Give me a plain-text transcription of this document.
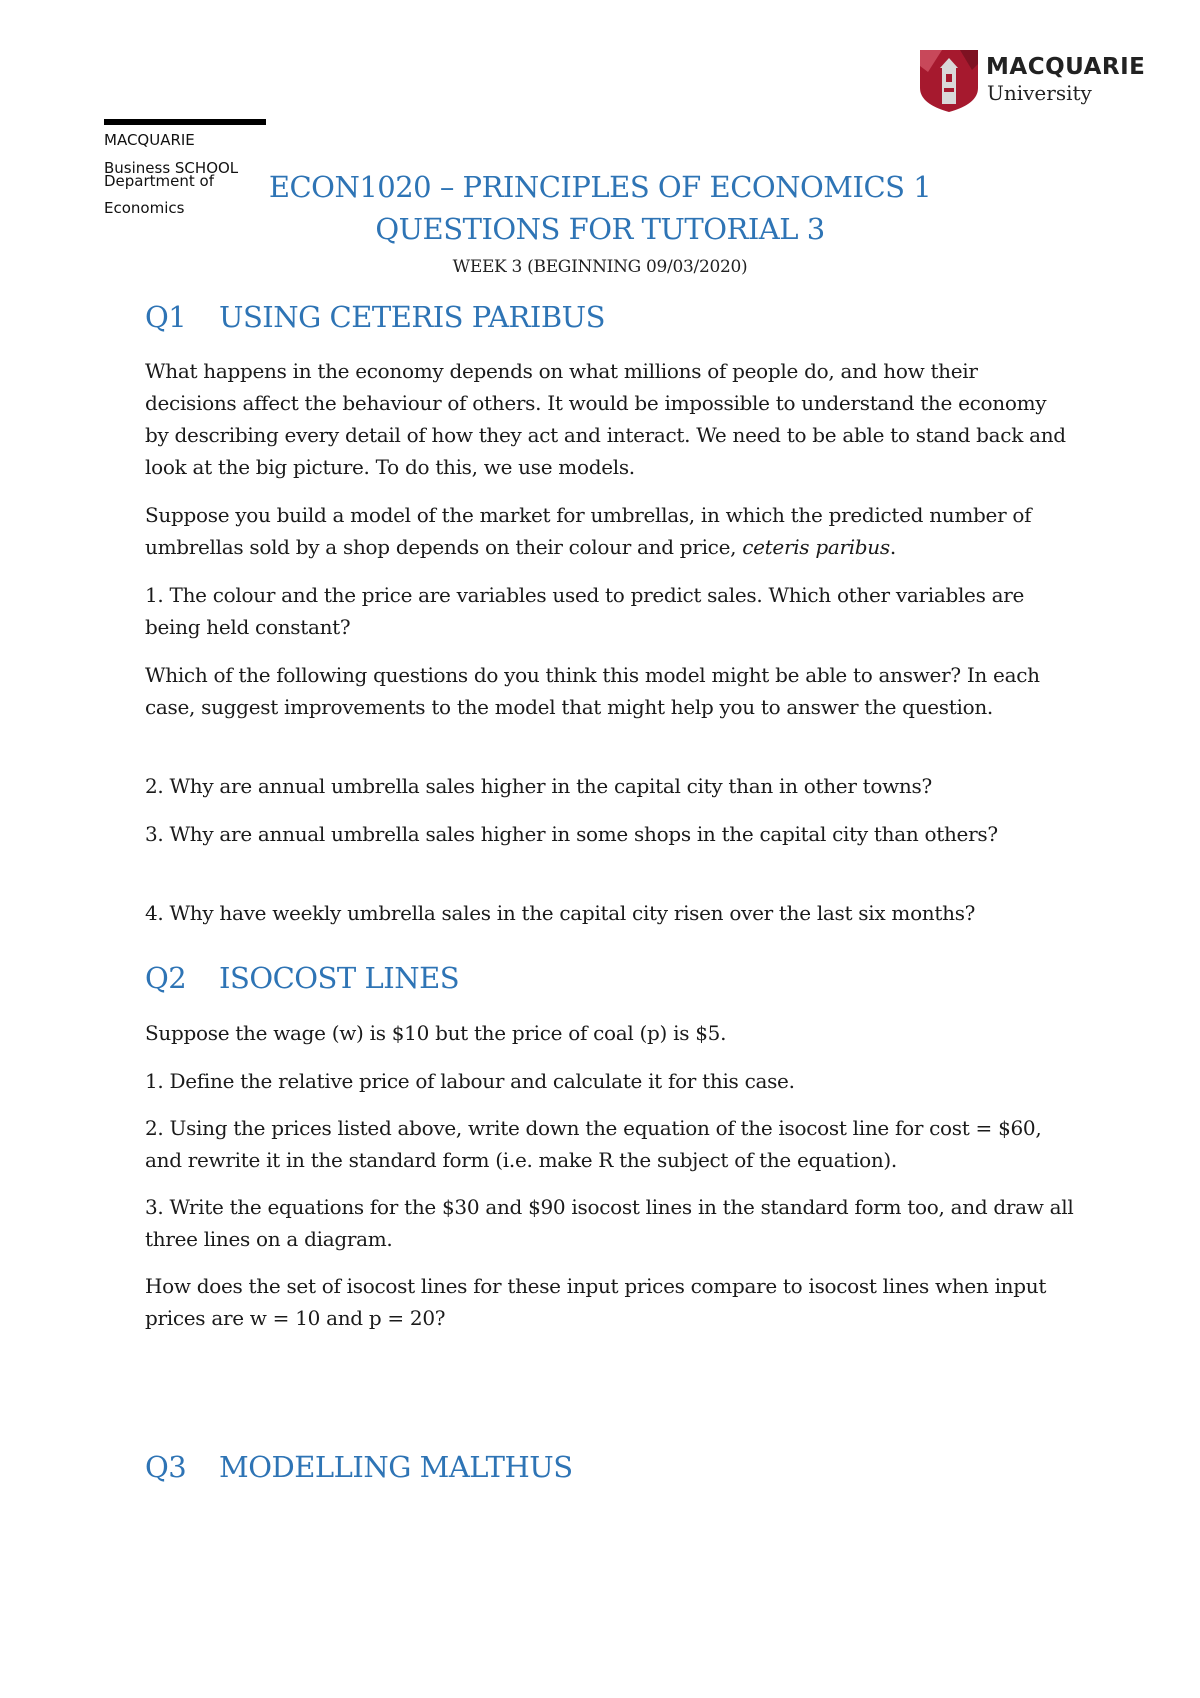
MACQUARIE
University
MACQUARIE
Business SCHOOL
Department of
Economics
ECON1020 – PRINCIPLES OF ECONOMICS 1
QUESTIONS FOR TUTORIAL 3
WEEK 3 (BEGINNING 09/03/2020)
Q1 USING CETERIS PARIBUS
What happens in the economy depends on what millions of people do, and how their decisions affect the behaviour of others. It would be impossible to understand the economy by describing every detail of how they act and interact. We need to be able to stand back and look at the big picture. To do this, we use models.
Suppose you build a model of the market for umbrellas, in which the predicted number of umbrellas sold by a shop depends on their colour and price, ceteris paribus.
1. The colour and the price are variables used to predict sales. Which other variables are being held constant?
Which of the following questions do you think this model might be able to answer? In each case, suggest improvements to the model that might help you to answer the question.
2. Why are annual umbrella sales higher in the capital city than in other towns?
3. Why are annual umbrella sales higher in some shops in the capital city than others?
4. Why have weekly umbrella sales in the capital city risen over the last six months?
Q2 ISOCOST LINES
Suppose the wage (w) is $10 but the price of coal (p) is $5.
1. Define the relative price of labour and calculate it for this case.
2. Using the prices listed above, write down the equation of the isocost line for cost = $60, and rewrite it in the standard form (i.e. make R the subject of the equation).
3. Write the equations for the $30 and $90 isocost lines in the standard form too, and draw all three lines on a diagram.
How does the set of isocost lines for these input prices compare to isocost lines when input prices are w = 10 and p = 20?
Q3 MODELLING MALTHUS
